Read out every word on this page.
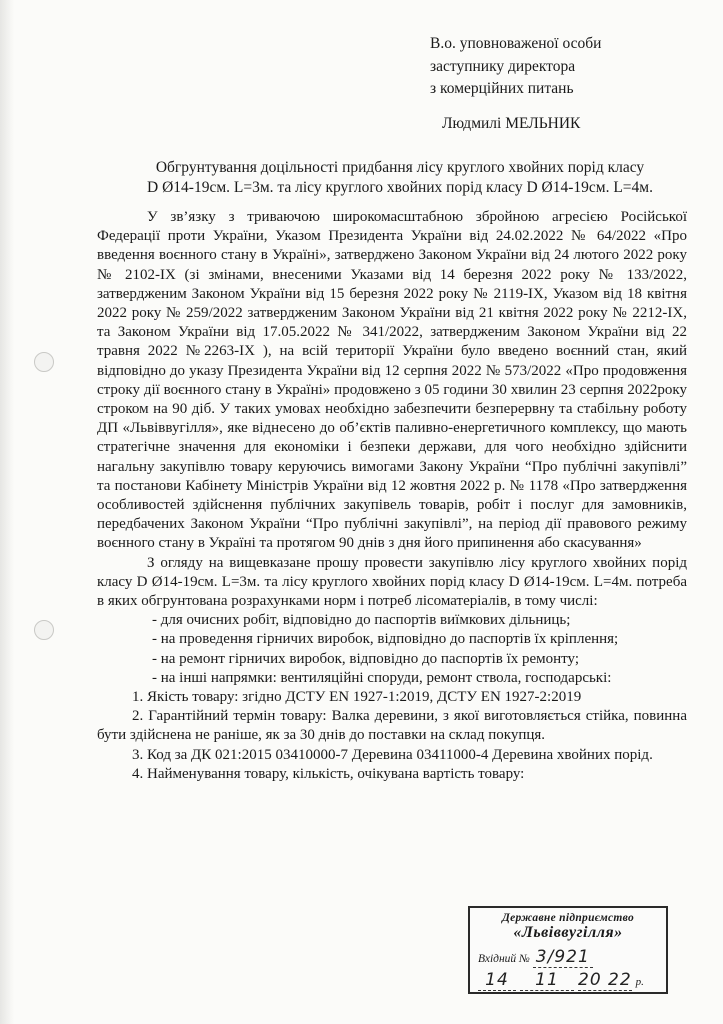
В.о. уповноваженої особи
заступнику директора
з комерційних питань
Людмилі МЕЛЬНИК
Обгрунтування доцільності придбання лісу круглого хвойних порід класу
D Ø14-19см. L=3м. та лісу круглого хвойних порід класу D Ø14-19см. L=4м.

У зв’язку з триваючою широкомасштабною збройною агресією Російської Федерації проти України, Указом Президента України від 24.02.2022 № 64/2022 «Про введення воєнного стану в Україні», затверджено Законом України від 24 лютого 2022 року № 2102-ІХ (зі змінами, внесеними Указами від 14 березня 2022 року № 133/2022, затвердженим Законом України від 15 березня 2022 року № 2119-ІХ, Указом від 18 квітня 2022 року № 259/2022 затвердженим Законом України від 21 квітня 2022 року № 2212-ІХ, та Законом України від 17.05.2022 № 341/2022, затвердженим Законом України від 22 травня 2022 №2263-ІХ ), на всій території України було введено воєнний стан, який відповідно до указу Президента України від 12 серпня 2022 № 573/2022 «Про продовження строку дії воєнного стану в Україні» продовжено з 05 години 30 хвилин 23 серпня 2022року строком на 90 діб. У таких умовах необхідно забезпечити безперервну та стабільну роботу ДП «Львіввугілля», яке віднесено до об’єктів паливно-енергетичного комплексу, що мають стратегічне значення для економіки і безпеки держави, для чого необхідно здійснити нагальну закупівлю товару керуючись вимогами Закону України “Про публічні закупівлі” та постанови Кабінету Міністрів України від 12 жовтня 2022 р. № 1178 «Про затвердження особливостей здійснення публічних закупівель товарів, робіт і послуг для замовників, передбачених Законом України “Про публічні закупівлі”, на період дії правового режиму воєнного стану в Україні та протягом 90 днів з дня його припинення або скасування»

З огляду на вищевказане прошу провести закупівлю лісу круглого хвойних порід класу D Ø14-19см. L=3м. та лісу круглого хвойних порід класу D Ø14-19см. L=4м. потреба в яких обгрунтована розрахунками норм і потреб лісоматеріалів, в тому числі:

- для очисних робіт, відповідно до паспортів виїмкових дільниць;

- на проведення гірничих виробок, відповідно до паспортів їх кріплення;

- на ремонт гірничих виробок, відповідно до паспортів їх ремонту;

- на інші напрямки: вентиляційні споруди, ремонт ствола, господарські:

1. Якість товару: згідно ДСТУ EN 1927-1:2019, ДСТУ EN 1927-2:2019

2. Гарантійний термін товару: Валка деревини, з якої виготовляється стійка, повинна бути здійснена не раніше, як за 30 днів до поставки на склад покупця.

3. Код за ДК 021:2015 03410000-7 Деревина 03411000-4 Деревина хвойних порід.

4. Найменування товару, кількість, очікувана вартість товару:

Державне підприємство
«Львіввугілля»
Вхідний № 3/921
14 11 20 22 р.
